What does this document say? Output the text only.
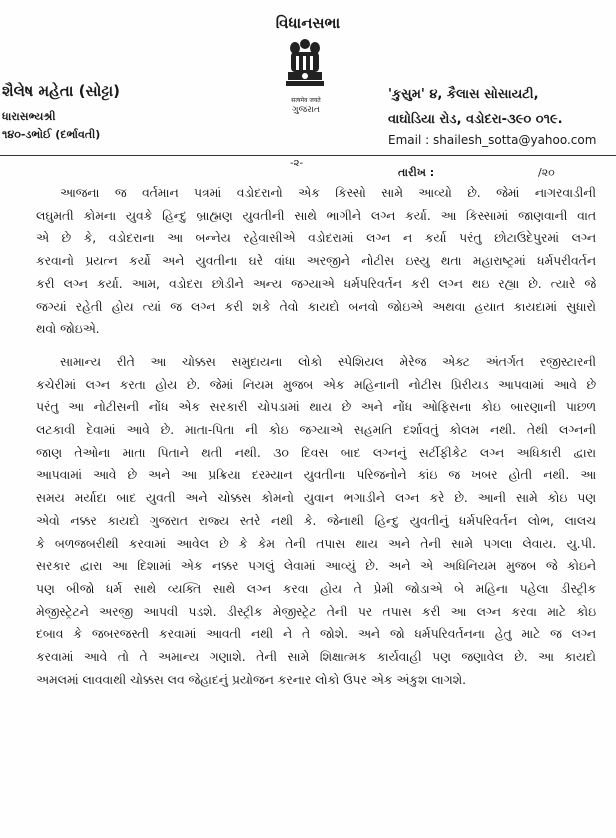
વિધાનસભા
सत्यमेव जयते
ગુજરાત
શૈલેષ મહેતા (સોટ્ટા)
ધારાસભ્યશ્રી
૧૪૦-ડભોઈ (દર્ભાવતી)
'કુસુમ' ૪, કૈલાસ સોસાયટી,
વાઘોડિયા રોડ, વડોદરા-૩૯૦ ૦૧૯.
Email : shailesh_sotta@yahoo.com
-૨-
તારીખ :	/૨૦
આજના જ વર્તમાન પત્રમાં વડોદરાનો એક કિસ્સો સામે આવ્યો છે. જેમાં નાગરવાડીની
લઘુમતી કોમના યુવકે હિન્દુ બ્રાહ્મણ યુવતીની સાથે ભાગીને લગ્ન કર્યા. આ કિસ્સામાં જાણવાની વાત
એ છે કે, વડોદરાના આ બન્નેય રહેવાસીએ વડોદરામાં લગ્ન ન કર્યા પરંતુ છોટાઉદેપુરમાં લગ્ન
કરવાનો પ્રયત્ન કર્યો અને યુવતીના ઘરે વાંધા અરજીને નોટીસ ઇસ્યુ થતા મહારાષ્ટ્રમાં ધર્મપરીવર્તન
કરી લગ્ન કર્યા. આમ, વડોદરા છોડીને અન્ય જગ્યાએ ધર્મપરિવર્તન કરી લગ્ન થઇ રહ્યા છે. ત્યારે જે
જગ્યાં રહેતી હોય ત્યાં જ લગ્ન કરી શકે તેવો કાયદો બનવો જોઇએ અથવા હયાત કાયદામાં સુધારો
થવો જોઇએ.
સામાન્ય રીતે આ ચોક્કસ સમુદાયના લોકો સ્પેશિયલ મેરેજ એક્ટ અંતર્ગત રજીસ્ટારની
કચેરીમાં લગ્ન કરતા હોય છે. જેમાં નિયમ મુજબ એક મહિનાની નોટીસ પ્રિરીયડ આપવામાં આવે છે
પરંતુ આ નોટીસની નોંધ એક સરકારી ચોપડામાં થાય છે અને નોંધ ઓફિસના કોઇ બારણાની પાછળ
લટકાવી દેવામાં આવે છે. માતા-પિતા ની કોઇ જગ્યાએ સહમતિ દર્શાવતું કોલમ નથી. તેથી લગ્નની
જાણ તેઓના માતા પિતાને થતી નથી. ૩૦ દિવસ બાદ લગ્નનું સર્ટીફીકેટ લગ્ન અધિકારી દ્વારા
આપવામાં આવે છે અને આ પ્રક્રિયા દરમ્યાન યુવતીના પરિજનોને કાંઇ જ ખબર હોતી નથી. આ
સમય મર્યાદા બાદ યુવતી અને ચોક્કસ કોમનો યુવાન ભગાડીને લગ્ન કરે છે. આની સામે કોઇ પણ
એવો નક્કર કાયદો ગુજરાત રાજ્ય સ્તરે નથી કે. જેનાથી હિન્દુ યુવતીનું ધર્મપરિવર્તન લોભ, લાલચ
કે બળજબરીથી કરવામાં આવેલ છે કે કેમ તેની તપાસ થાય અને તેની સામે પગલા લેવાય. યુ.પી.
સરકાર દ્વારા આ દિશામાં એક નક્કર પગલું લેવામાં આવ્યું છે. અને એ અધિનિયમ મુજબ જે કોઇને
પણ બીજો ધર્મ સાથે વ્યક્તિ સાથે લગ્ન કરવા હોય તે પ્રેમી જોડાએ બે મહિના પહેલા ડીસ્ટ્રીક
મેજીસ્ટ્રેટને અરજી આપવી પડશે. ડીસ્ટ્રીક મેજીસ્ટ્રેટ તેની પર તપાસ કરી આ લગ્ન કરવા માટે કોઇ
દબાવ કે જબરજસ્તી કરવામાં આવતી નથી ને તે જોશે. અને જો ધર્મપરિવર્તનના હેતુ માટે જ લગ્ન
કરવામાં આવે તો તે અમાન્ય ગણાશે. તેની સામે શિક્ષાત્મક કાર્યવાહી પણ જણાવેલ છે. આ કાયદો
અમલમાં લાવવાથી ચોક્કસ લવ જેહાદનું પ્રયોજન કરનાર લોકો ઉપર એક અંકુશ લાગશે.
